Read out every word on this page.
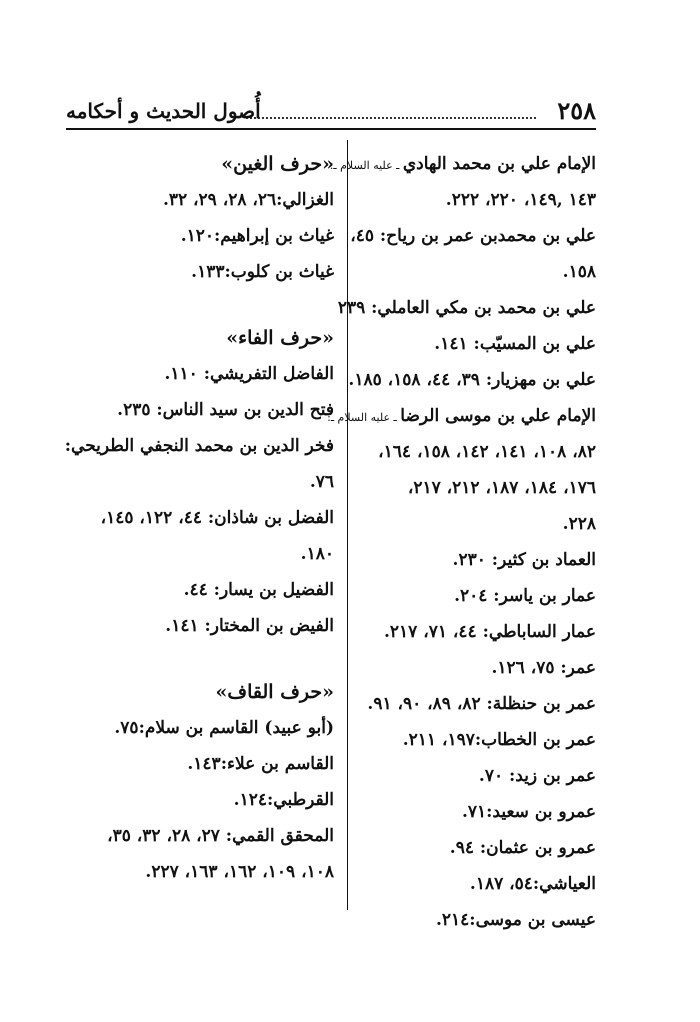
٢٥٨
أُصول الحديث و أحكامه
الإمام علي بن محمد الهادي ـ عليه السلام ـ:
١٤٣ ,١٤٩، ٢٢٠، ٢٢٢.
علي بن محمدبن عمر بن رياح: ٤٥،
١٥٨.
علي بن محمد بن مكي العاملي: ٢٣٩
علي بن المسيّب: ١٤١.
علي بن مهزيار: ٣٩، ٤٤، ١٥٨، ١٨٥.
الإمام علي بن موسى الرضا ـ عليه السلام ـ:
٨٢، ١٠٨، ١٤١، ١٤٢، ١٥٨، ١٦٤،
١٧٦، ١٨٤، ١٨٧، ٢١٢، ٢١٧،
٢٢٨.
العماد بن كثير: ٢٣٠.
عمار بن ياسر: ٢٠٤.
عمار الساباطي: ٤٤، ٧١، ٢١٧.
عمر: ٧٥، ١٢٦.
عمر بن حنظلة: ٨٢، ٨٩، ٩٠، ٩١.
عمر بن الخطاب:١٩٧، ٢١١.
عمر بن زيد: ٧٠.
عمرو بن سعيد:٧١.
عمرو بن عثمان: ٩٤.
العياشي:٥٤، ١٨٧.
عيسى بن موسى:٢١٤.
«حرف الغين»
الغزالي:٢٦، ٢٨، ٢٩، ٣٢.
غياث بن إبراهيم:١٢٠.
غياث بن كلوب:١٣٣.
«حرف الفاء»
الفاضل التفريشي: ١١٠.
فتح الدين بن سيد الناس: ٢٣٥.
فخر الدين بن محمد النجفي الطريحي:
٧٦.
الفضل بن شاذان: ٤٤، ١٢٢، ١٤٥،
١٨٠.
الفضيل بن يسار: ٤٤.
الفيض بن المختار: ١٤١.
«حرف القاف»
(أبو عبيد) القاسم بن سلام:٧٥.
القاسم بن علاء:١٤٣.
القرطبي:١٢٤.
المحقق القمي: ٢٧، ٢٨، ٣٢، ٣٥،
١٠٨، ١٠٩، ١٦٢، ١٦٣، ٢٢٧.
